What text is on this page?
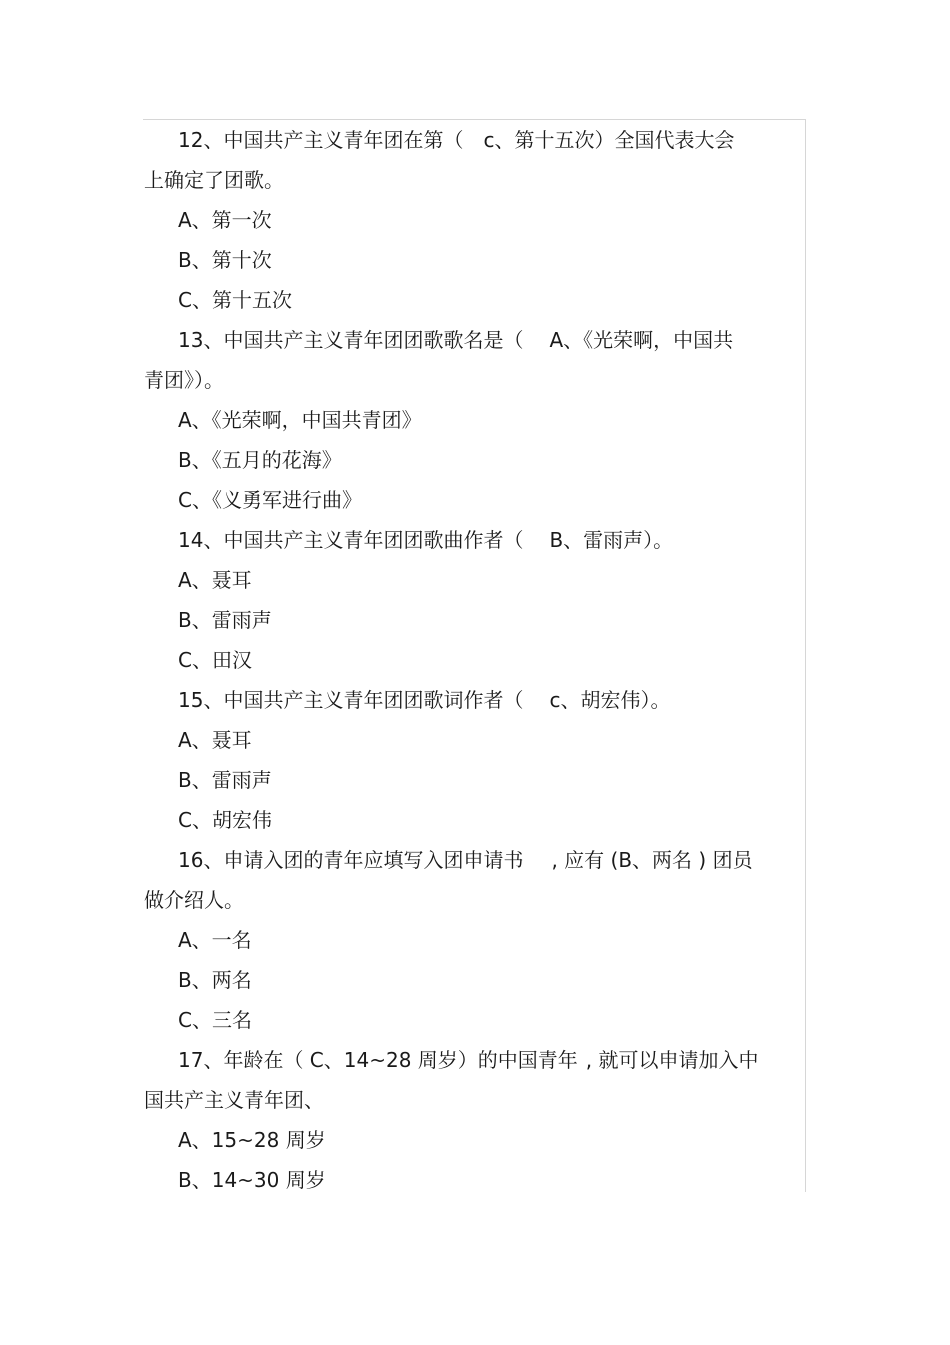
12、中国共产主义青年团在第（ c、第十五次）全国代表大会
上确定了团歌。
A、第一次
B、第十次
C、第十五次
13、中国共产主义青年团团歌歌名是（ A、《光荣啊，中国共
青团》）。
A、《光荣啊，中国共青团》
B、《五月的花海》
C、《义勇军进行曲》
14、中国共产主义青年团团歌曲作者（ B、雷雨声）。
A、聂耳
B、雷雨声
C、田汉
15、中国共产主义青年团团歌词作者（ c、胡宏伟）。
A、聂耳
B、雷雨声
C、胡宏伟
16、申请入团的青年应填写入团申请书 , 应有 (B、两名 ) 团员
做介绍人。
A、一名
B、两名
C、三名
17、年龄在（ C、14~28 周岁）的中国青年 , 就可以申请加入中
国共产主义青年团、
A、15~28 周岁
B、14~30 周岁
